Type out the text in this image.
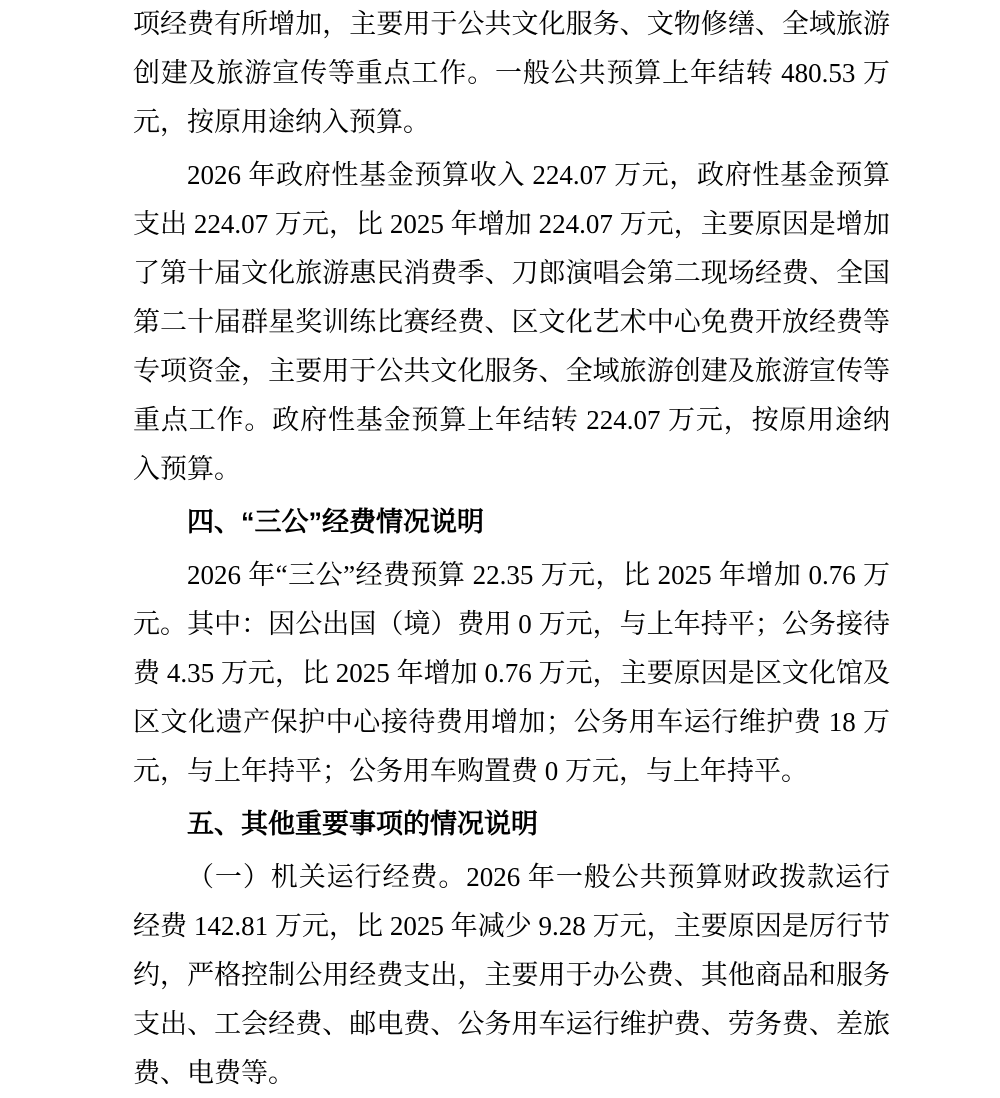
项经费有所增加，主要用于公共文化服务、文物修缮、全域旅游创建及旅游宣传等重点工作。一般公共预算上年结转 480.53 万元，按原用途纳入预算。

2026 年政府性基金预算收入 224.07 万元，政府性基金预算支出 224.07 万元，比 2025 年增加 224.07 万元，主要原因是增加了第十届文化旅游惠民消费季、刀郎演唱会第二现场经费、全国第二十届群星奖训练比赛经费、区文化艺术中心免费开放经费等专项资金，主要用于公共文化服务、全域旅游创建及旅游宣传等重点工作。政府性基金预算上年结转 224.07 万元，按原用途纳入预算。

四、“三公”经费情况说明

2026 年“三公”经费预算 22.35 万元，比 2025 年增加 0.76 万元。其中：因公出国（境）费用 0 万元，与上年持平；公务接待费 4.35 万元，比 2025 年增加 0.76 万元，主要原因是区文化馆及区文化遗产保护中心接待费用增加；公务用车运行维护费 18 万元，与上年持平；公务用车购置费 0 万元，与上年持平。

五、其他重要事项的情况说明

（一）机关运行经费。2026 年一般公共预算财政拨款运行经费 142.81 万元，比 2025 年减少 9.28 万元，主要原因是厉行节约，严格控制公用经费支出，主要用于办公费、其他商品和服务支出、工会经费、邮电费、公务用车运行维护费、劳务费、差旅费、电费等。
